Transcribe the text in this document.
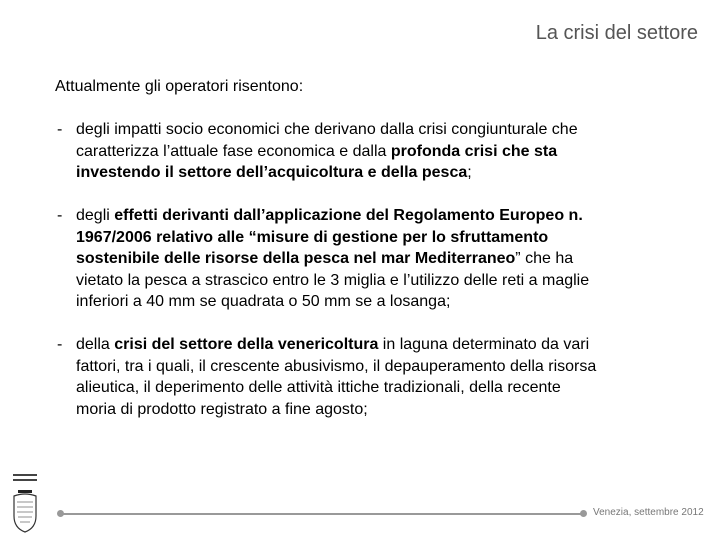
La crisi del settore
Attualmente gli operatori risentono:
- degli impatti socio economici che derivano dalla crisi congiunturale che
caratterizza l’attuale fase economica e dalla profonda crisi che sta
investendo il settore dell’acquicoltura e della pesca;
- degli effetti derivanti dall’applicazione del Regolamento Europeo n.
1967/2006 relativo alle “misure di gestione per lo sfruttamento
sostenibile delle risorse della pesca nel mar Mediterraneo” che ha
vietato la pesca a strascico entro le 3 miglia e l’utilizzo delle reti a maglie
inferiori a 40 mm se quadrata o 50 mm se a losanga;
- della crisi del settore della venericoltura in laguna determinato da vari
fattori, tra i quali, il crescente abusivismo, il depauperamento della risorsa
alieutica, il deperimento delle attività ittiche tradizionali, della recente
moria di prodotto registrato a fine agosto;
Venezia, settembre 2012
